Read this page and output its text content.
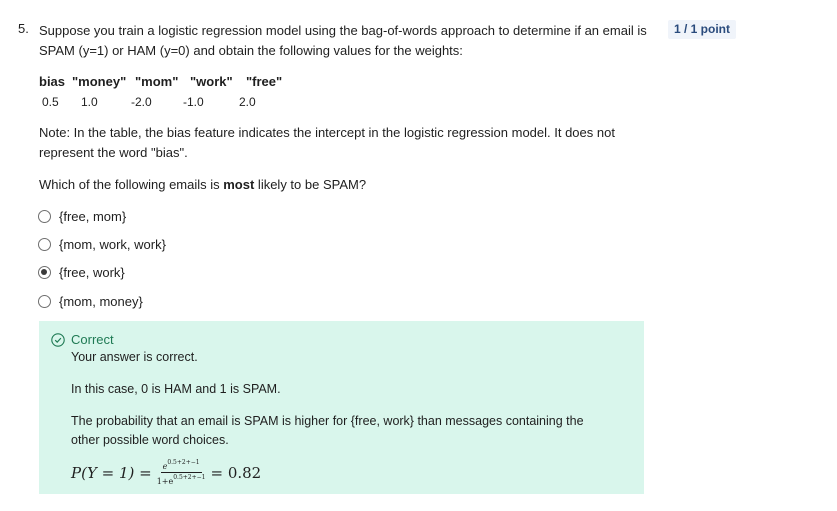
5. Suppose you train a logistic regression model using the bag-of-words approach to determine if an email is SPAM (y=1) or HAM (y=0) and obtain the following values for the weights:
1 / 1 point
bias "money" "mom" "work" "free"
0.5 1.0	-2.0	-1.0	2.0
Note: In the table, the bias feature indicates the intercept in the logistic regression model. It does not represent the word "bias".
Which of the following emails is most likely to be SPAM?
{free, mom}
{mom, work, work}
{free, work}
{mom, money}
Correct
Your answer is correct.
In this case, 0 is HAM and 1 is SPAM.
The probability that an email is SPAM is higher for {free, work} than messages containing the other possible word choices.
$P(Y = 1) = \frac{e^{0.5+2+-1}}{1+e^{0.5+2+-1}} = 0.82$
